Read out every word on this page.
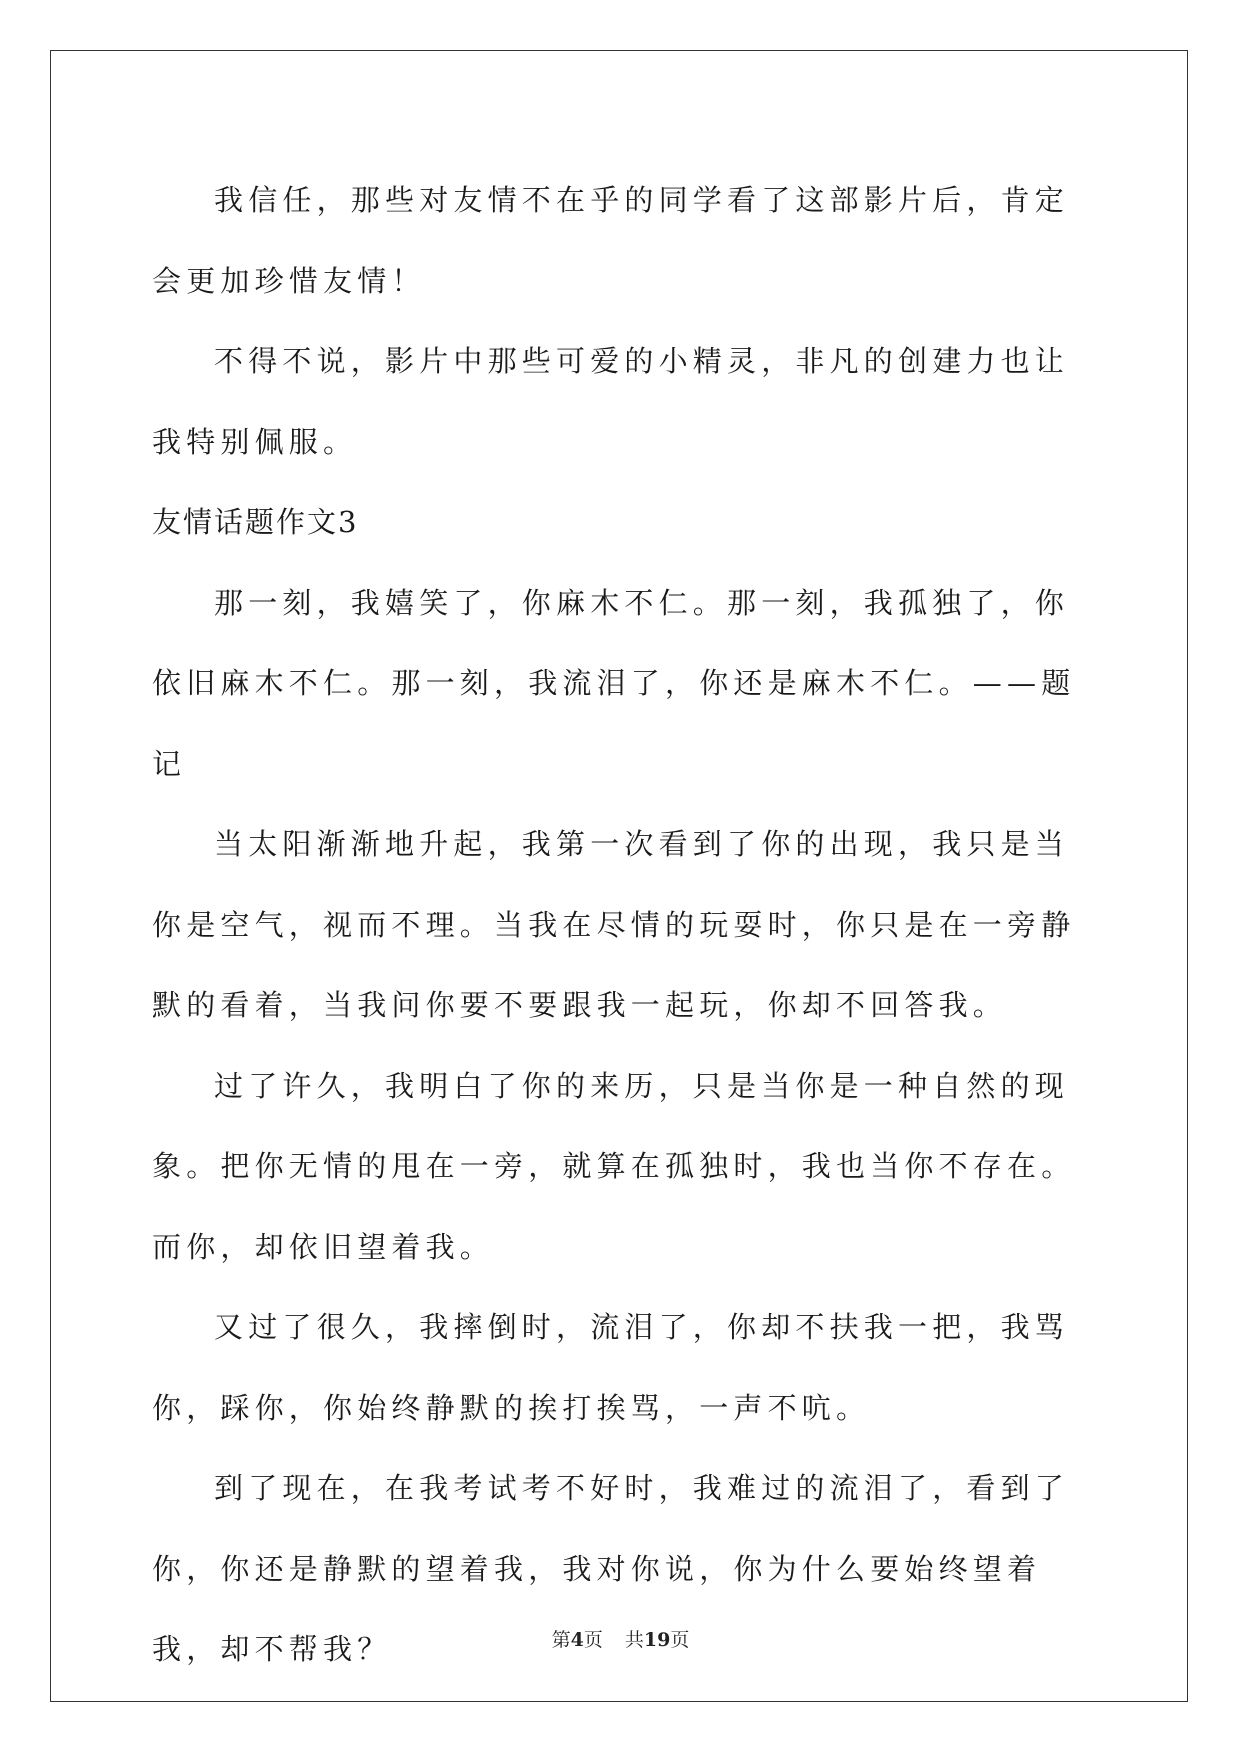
我信任，那些对友情不在乎的同学看了这部影片后，肯定会更加珍惜友情！

不得不说，影片中那些可爱的小精灵，非凡的创建力也让我特别佩服。

友情话题作文3

那一刻，我嬉笑了，你麻木不仁。那一刻，我孤独了，你依旧麻木不仁。那一刻，我流泪了，你还是麻木不仁。——题记

当太阳渐渐地升起，我第一次看到了你的出现，我只是当你是空气，视而不理。当我在尽情的玩耍时，你只是在一旁静默的看着，当我问你要不要跟我一起玩，你却不回答我。

过了许久，我明白了你的来历，只是当你是一种自然的现象。把你无情的甩在一旁，就算在孤独时，我也当你不存在。而你，却依旧望着我。

又过了很久，我摔倒时，流泪了，你却不扶我一把，我骂你，踩你，你始终静默的挨打挨骂，一声不吭。

到了现在，在我考试考不好时，我难过的流泪了，看到了你，你还是静默的望着我，我对你说，你为什么要始终望着我，却不帮我？	第4页 共19页
